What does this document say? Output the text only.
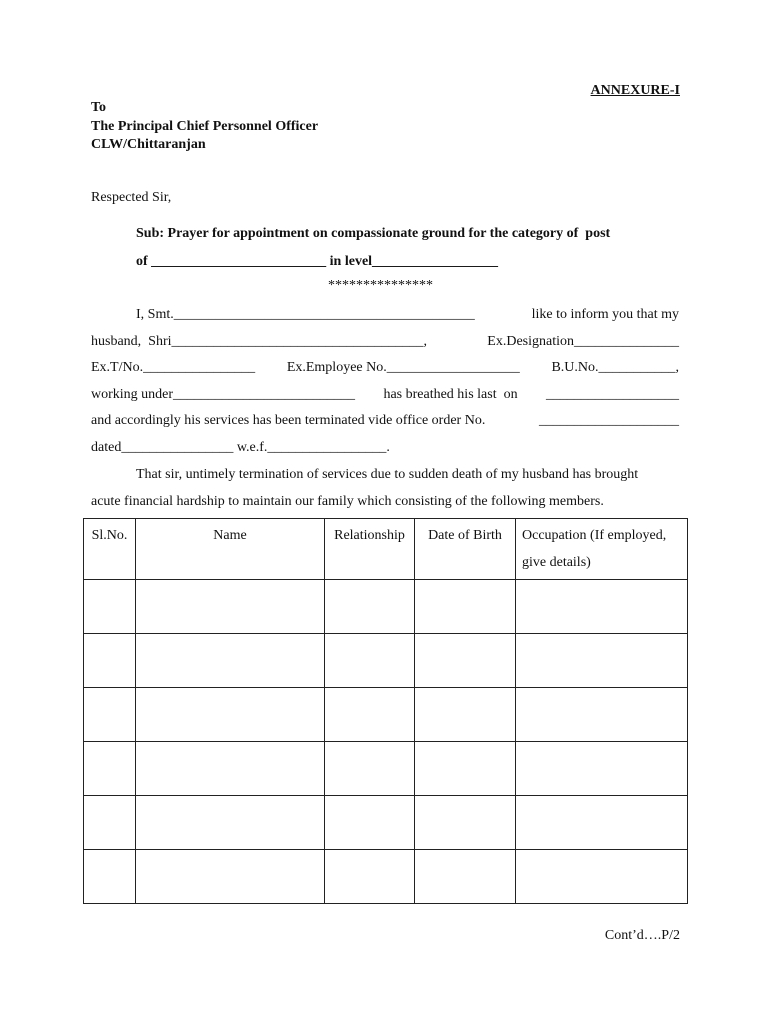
ANNEXURE-I
To
The Principal Chief Personnel Officer
CLW/Chittaranjan
Respected Sir,
Sub: Prayer for appointment on compassionate ground for the category of  post
of _________________________ in level__________________
***************
I, Smt.___________________________________________	like to inform you that my
husband,  Shri____________________________________,	Ex.Designation_______________
Ex.T/No.________________ Ex.Employee No.___________________ B.U.No.___________,
working under__________________________ has breathed his last  on ___________________
and accordingly his services has been terminated vide office order No.	____________________
dated________________ w.e.f._________________.
That sir, untimely termination of services due to sudden death of my husband has brought
acute financial hardship to maintain our family which consisting of the following members.
Sl.No.	Name	Relationship	Date of Birth	Occupation (If employed, give details)

Cont’d….P/2
